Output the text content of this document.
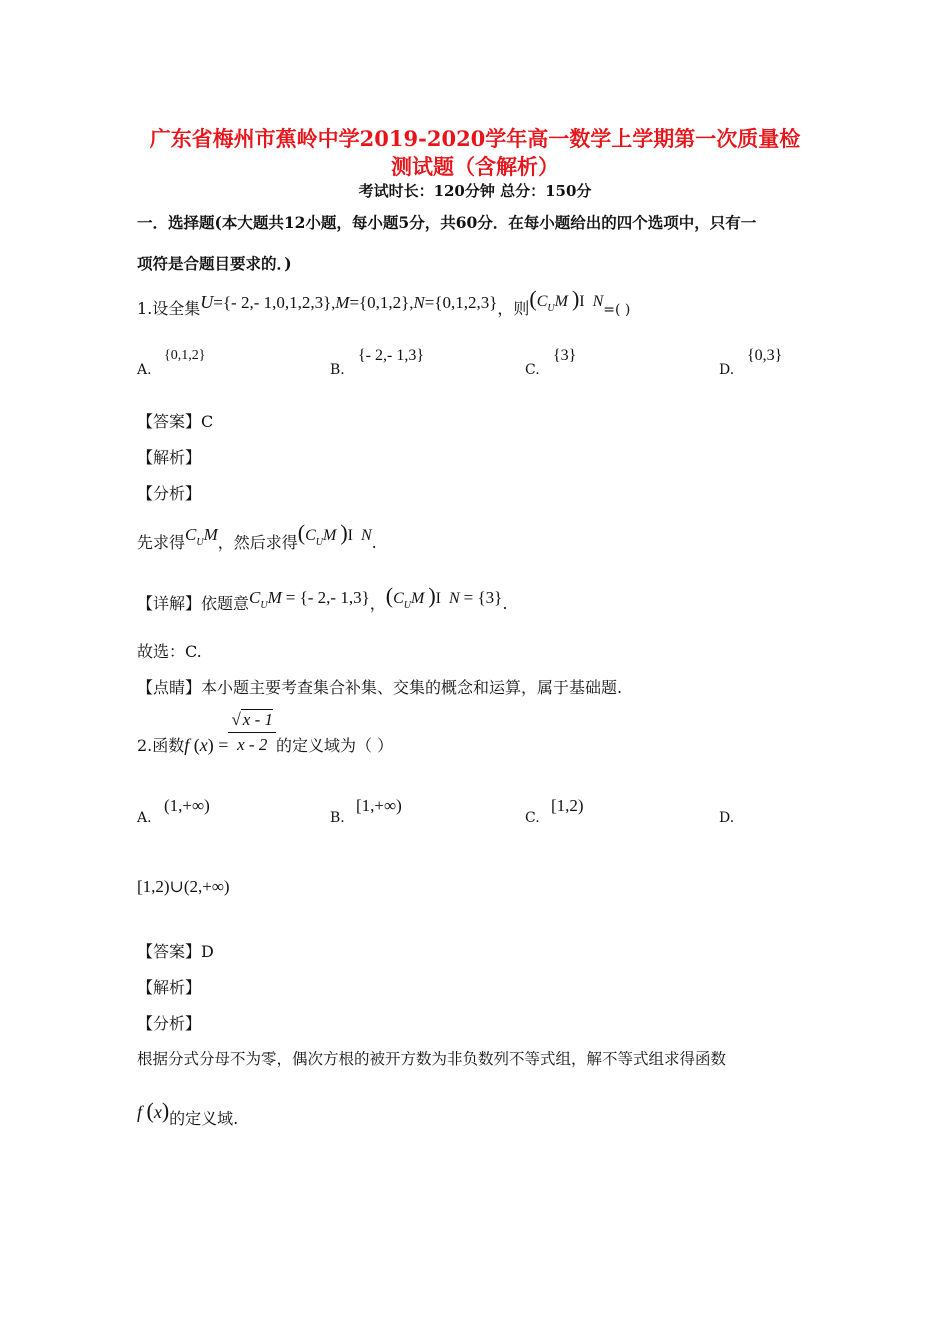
广东省梅州市蕉岭中学2019-2020学年高一数学上学期第一次质量检
测试题（含解析）
考试时长：120分钟 总分：150分
一．选择题(本大题共12小题，每小题5分，共60分．在每小题给出的四个选项中，只有一
项符是合题目要求的．)
1.设全集U={- 2,- 1,0,1,2,3},M={0,1,2},N={0,1,2,3}，则($C_UM$ )I  N=( )
A.
{0,1,2}
B.
{- 2,- 1,3}
C.
{3}
D.
{0,3}
【答案】C
【解析】
【分析】
先求得$C_UM$，然后求得($C_UM$ )I  N.
【详解】依题意$C_UM$ = {- 2,- 1,3}，($C_UM$ )I  N = {3}.
故选：C.
【点睛】本小题主要考查集合补集、交集的概念和运算，属于基础题.
2.函数f $(x) = \frac{√ x - 1}{x - 2}$ 的定义域为（ ）
A.
(1,+∞)
B.
[1,+∞)
C.
[1,2)
D.
[1,2)∪(2,+∞)
【答案】D
【解析】
【分析】
根据分式分母不为零，偶次方根的被开方数为非负数列不等式组，解不等式组求得函数
f (x)的定义域.
